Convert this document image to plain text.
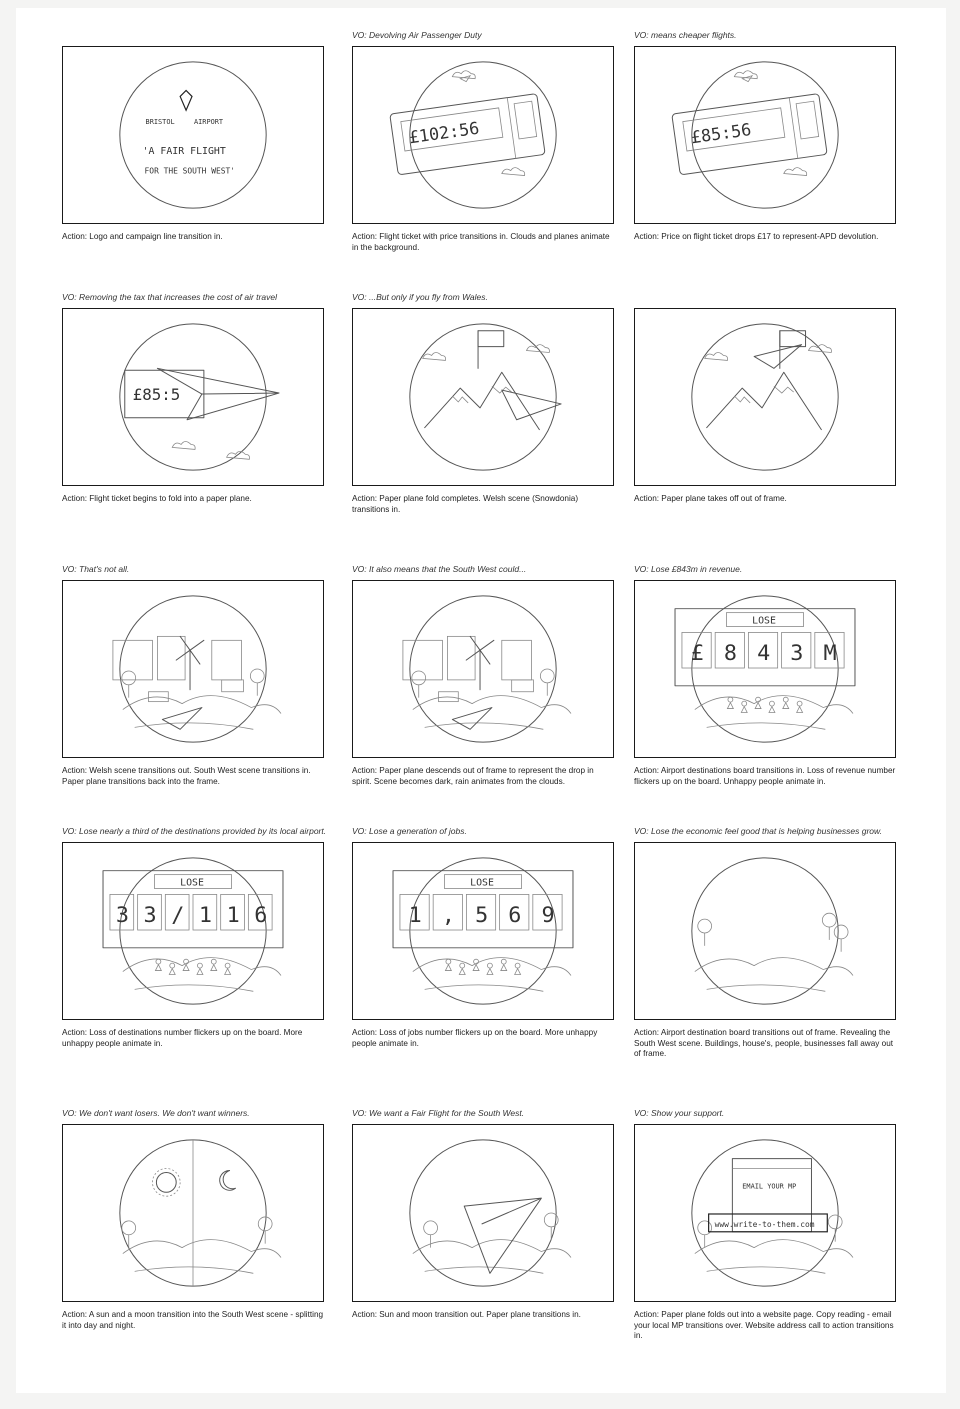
BRISTOL	AIRPORT
'A FAIR FLIGHT
FOR THE SOUTH WEST'
Action: Logo and campaign line transition in.
VO: Devolving Air Passenger Duty
£102:56
Action: Flight ticket with price transitions in. Clouds and planes animate in the background.
VO: means cheaper flights.
£85:56
Action: Price on flight ticket drops £17 to represent-APD devolution.
VO: Removing the tax that increases the cost of air travel
£85:5
Action: Flight ticket begins to fold into a paper plane.
VO: ...But only if you fly from Wales.
Action: Paper plane fold completes. Welsh scene (Snowdonia) transitions in.
Action: Paper plane takes off out of frame.
VO: That's not all.
Action: Welsh scene transitions out. South West scene transitions in. Paper plane transitions back into the frame.
VO: It also means that the South West could...
Action: Paper plane descends out of frame to represent the drop in spirit. Scene becomes dark, rain animates from the clouds.
VO: Lose £843m in revenue.
LOSE
£ 8 4 3 M
Action: Airport destinations board transitions in. Loss of revenue number flickers up on the board. Unhappy people animate in.
VO: Lose nearly a third of the destinations provided by its local airport.
LOSE
3 3 / 1 1 6
Action: Loss of destinations number flickers up on the board. More unhappy people animate in.
VO: Lose a generation of jobs.
LOSE
1 , 5 6 9
Action: Loss of jobs number flickers up on the board. More unhappy people animate in.
VO: Lose the economic feel good that is helping businesses grow.
Action: Airport destination board transitions out of frame. Revealing the South West scene. Buildings, house's, people, businesses fall away out of frame.
VO: We don't want losers. We don't want winners.
Action: A sun and a moon transition into the South West scene - splitting it into day and night.
VO: We want a Fair Flight for the South West.
Action: Sun and moon transition out. Paper plane transitions in.
VO: Show your support.
EMAIL YOUR MP
www.write-to-them.com
Action: Paper plane folds out into a website page. Copy reading - email your local MP transitions over. Website address call to action transitions in.
